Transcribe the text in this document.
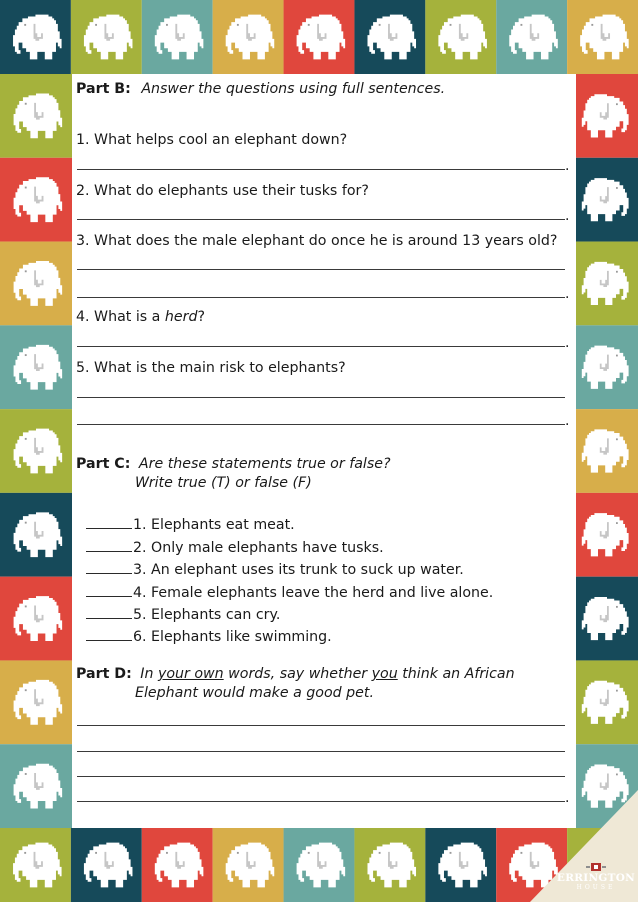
Part B: Answer the questions using full sentences.
1. What helps cool an elephant down?
.
2. What do elephants use their tusks for?
.
3. What does the male elephant do once he is around 13 years old?
.
4. What is a herd?
.
5. What is the main risk to elephants?
.
Part C: Are these statements true or false?
Write true (T) or false (F)
1. Elephants eat meat.
2. Only male elephants have tusks.
3. An elephant uses its trunk to suck up water.
4. Female elephants leave the herd and live alone.
5. Elephants can cry.
6. Elephants like swimming.
Part D: In your own words, say whether you think an African
Elephant would make a good pet.
.
ERRINGTON
HOUSE
